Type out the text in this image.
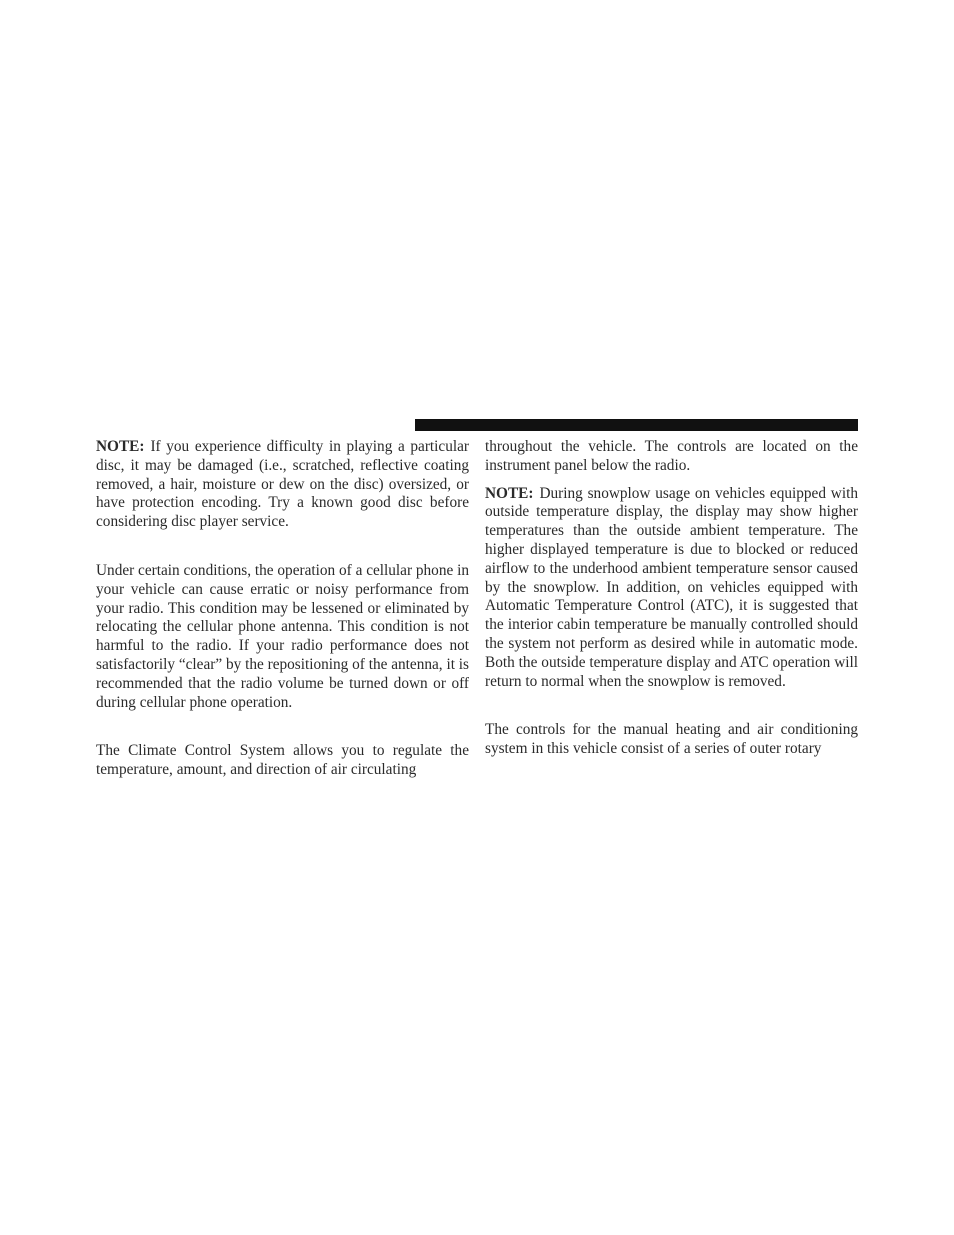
NOTE: If you experience difficulty in playing a particular disc, it may be damaged (i.e., scratched, reflective coating removed, a hair, moisture or dew on the disc) oversized, or have protection encoding. Try a known good disc before considering disc player service.

Under certain conditions, the operation of a cellular phone in your vehicle can cause erratic or noisy performance from your radio. This condition may be lessened or eliminated by relocating the cellular phone antenna. This condition is not harmful to the radio. If your radio performance does not satisfactorily “clear” by the repositioning of the antenna, it is recommended that the radio volume be turned down or off during cellular phone operation.

The Climate Control System allows you to regulate the temperature, amount, and direction of air circulating

throughout the vehicle. The controls are located on the instrument panel below the radio.

NOTE: During snowplow usage on vehicles equipped with outside temperature display, the display may show higher temperatures than the outside ambient temperature. The higher displayed temperature is due to blocked or reduced airflow to the underhood ambient temperature sensor caused by the snowplow. In addition, on vehicles equipped with Automatic Temperature Control (ATC), it is suggested that the interior cabin temperature be manually controlled should the system not perform as desired while in automatic mode. Both the outside temperature display and ATC operation will return to normal when the snowplow is removed.

The controls for the manual heating and air conditioning system in this vehicle consist of a series of outer rotary
